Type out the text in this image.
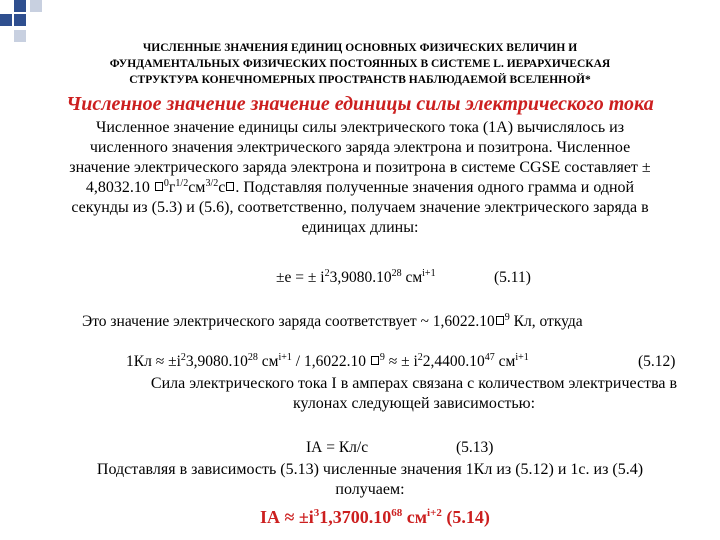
ЧИСЛЕННЫЕ ЗНАЧЕНИЯ ЕДИНИЦ ОСНОВНЫХ ФИЗИЧЕСКИХ ВЕЛИЧИН И
ФУНДАМЕНТАЛЬНЫХ ФИЗИЧЕСКИХ ПОСТОЯННЫХ В СИСТЕМЕ L. ИЕРАРХИЧЕСКАЯ
СТРУКТУРА КОНЕЧНОМЕРНЫХ ПРОСТРАНСТВ НАБЛЮДАЕМОЙ ВСЕЛЕННОЙ*
Численное значение значение единицы силы электрического тока
Численное значение единицы силы электрического тока (1А) вычислялось из
численного значения электрического заряда электрона и позитрона. Численное
значение электрического заряда электрона и позитрона в системе CGSE составляет ±
4,8032.10 $^0г^{1/2}см^{3/2}с$ . Подставляя полученные значения одного грамма и одной
секунды из (5.3) и (5.6), соответственно, получаем значение электрического заряда в
единицах длины:
±е = ± $i^23,9080.10^{28}$ $см^{i+1}$	(5.11)
Это значение электрического заряда соответствует ~ 1,6022.10 $^9$ Кл, откуда
$1Кл \approx \pm i^23,9080.10^{28}$ $см^{i+1} / 1,6022.10$ $^9$ ≈ ± $i^22,4400.10^{47}$ $см^{i+1}$	(5.12)
Сила электрического тока I в амперах связана с количеством электричества в
кулонах следующей зависимостью:
IА = Кл/с	(5.13)
Подставляя в зависимость (5.13) численные значения 1Кл из (5.12) и 1с. из (5.4)
получаем:
IА ≈ $\pm i^31,3700.10^{68}$ $см^{i+2}$ (5.14)
